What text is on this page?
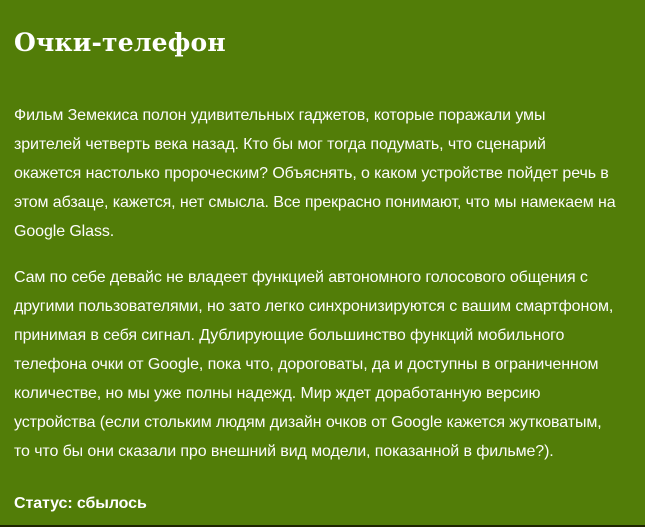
Очки-телефон
Фильм Земекиса полон удивительных гаджетов, которые поражали умы
зрителей четверть века назад. Кто бы мог тогда подумать, что сценарий
окажется настолько пророческим? Объяснять, о каком устройстве пойдет речь в
этом абзаце, кажется, нет смысла. Все прекрасно понимают, что мы намекаем на
Google Glass.
Сам по себе девайс не владеет функцией автономного голосового общения с
другими пользователями, но зато легко синхронизируются с вашим смартфоном,
принимая в себя сигнал. Дублирующие большинство функций мобильного
телефона очки от Google, пока что, дороговаты, да и доступны в ограниченном
количестве, но мы уже полны надежд. Мир ждет доработанную версию
устройства (если стольким людям дизайн очков от Google кажется жутковатым,
то что бы они сказали про внешний вид модели, показанной в фильме?).
Статус: сбылось
